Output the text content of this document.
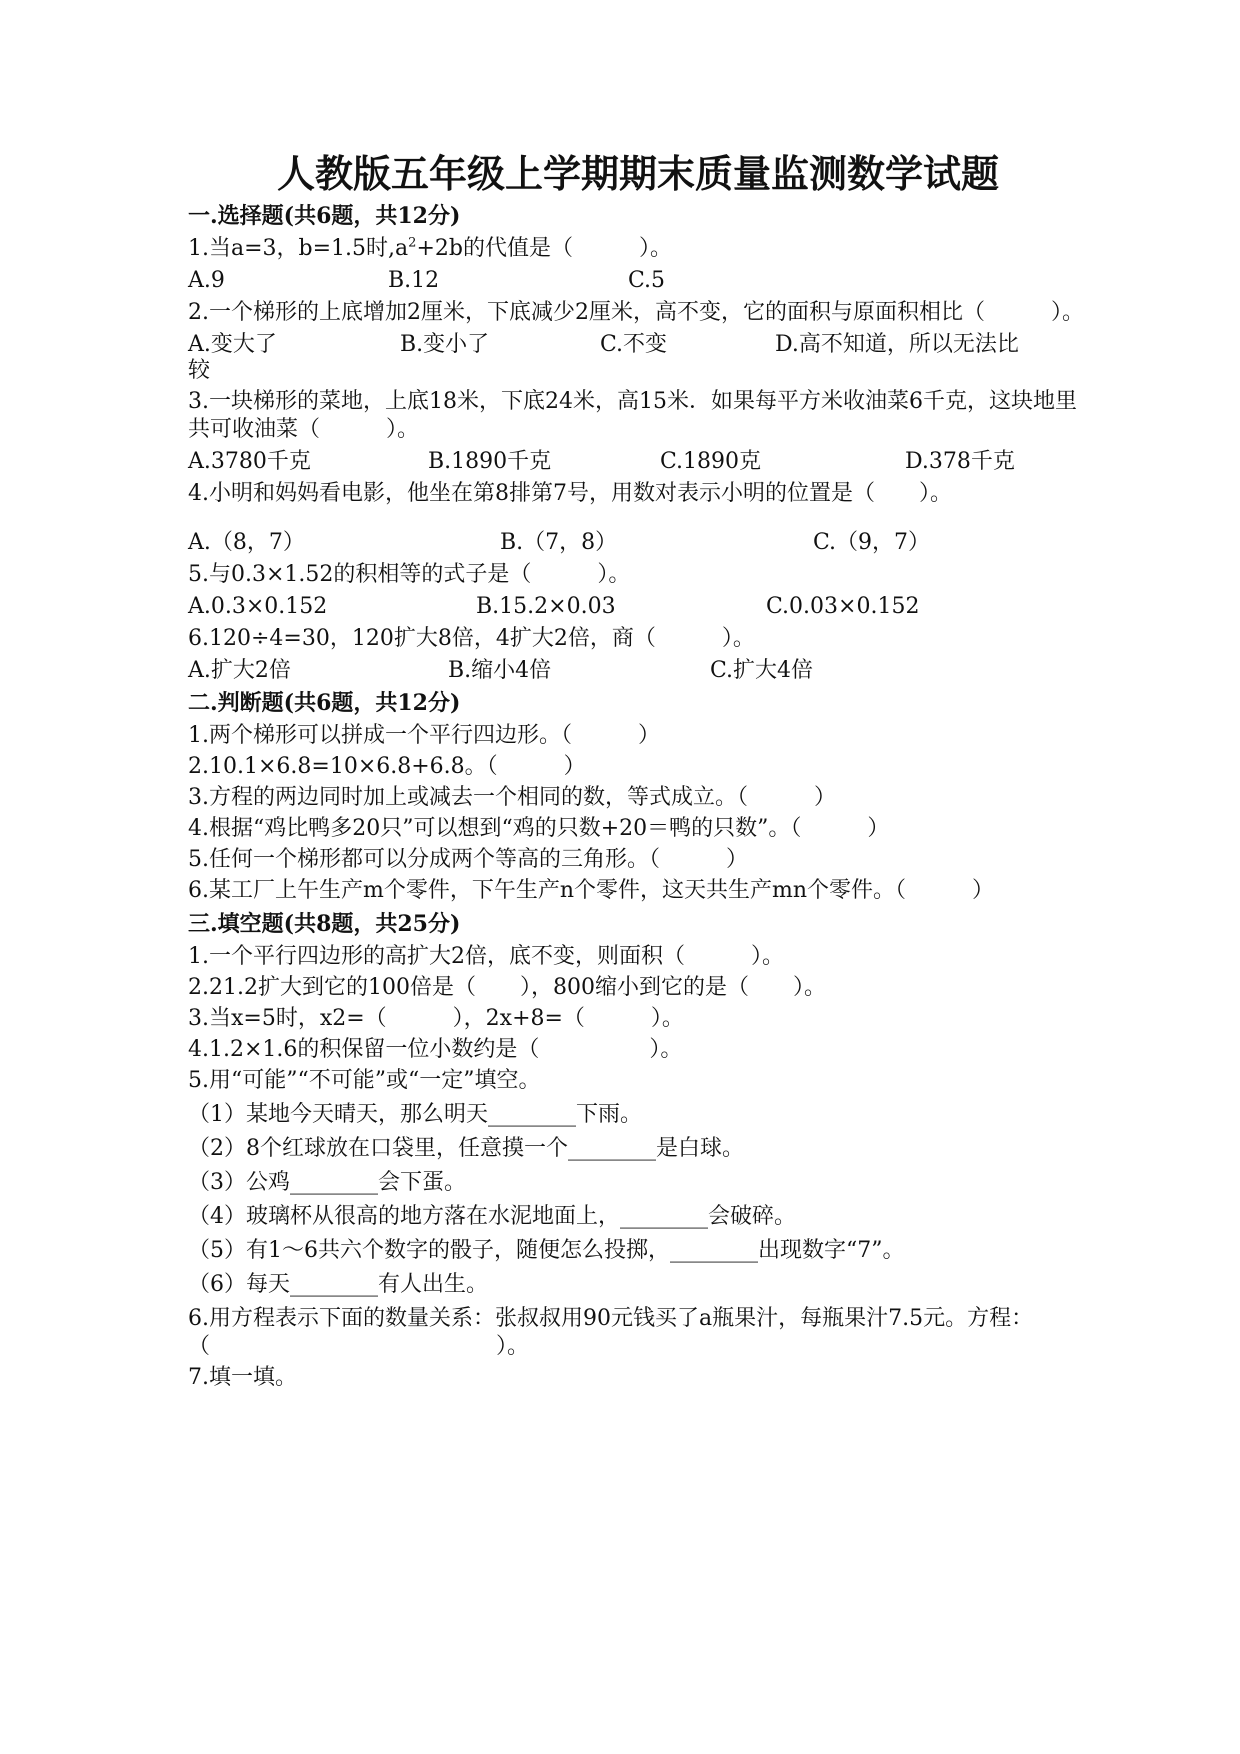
人教版五年级上学期期末质量监测数学试题
一.选择题(共6题，共12分)
1.当a=3，b=1.5时$,a^2+2b$的代值是（　　　）。
A.9	B.12	C.5
2.一个梯形的上底增加2厘米，下底减少2厘米，高不变，它的面积与原面积相比（　　　）。
A.变大了	B.变小了	C.不变	D.高不知道，所以无法比
较
3.一块梯形的菜地，上底18米，下底24米，高15米．如果每平方米收油菜6千克，这块地里共可收油菜（　　　）。
A.3780千克	B.1890千克	C.1890克	D.378千克
4.小明和妈妈看电影，他坐在第8排第7号，用数对表示小明的位置是（　　）。
A.（8，7）	B.（7，8）	C.（9，7）
5.与0.3×1.52的积相等的式子是（　　　）。
A.0.3×0.152	B.15.2×0.03	C.0.03×0.152
6.120÷4=30，120扩大8倍，4扩大2倍，商（　　　）。
A.扩大2倍	B.缩小4倍	C.扩大4倍
二.判断题(共6题，共12分)
1.两个梯形可以拼成一个平行四边形。（　　　）
2.10.1×6.8=10×6.8+6.8。（　　　）
3.方程的两边同时加上或减去一个相同的数，等式成立。（　　　）
4.根据“鸡比鸭多20只”可以想到“鸡的只数+20＝鸭的只数”。（　　　）
5.任何一个梯形都可以分成两个等高的三角形。（　　　）
6.某工厂上午生产m个零件，下午生产n个零件，这天共生产mn个零件。（　　　）
三.填空题(共8题，共25分)
1.一个平行四边形的高扩大2倍，底不变，则面积（　　　）。
2.21.2扩大到它的100倍是（　　），800缩小到它的是（　　）。
3.当x=5时，x2=（　　　），2x+8=（　　　）。
4.1.2×1.6的积保留一位小数约是（　　　　　）。
5.用“可能”“不可能”或“一定”填空。
（1）某地今天晴天，那么明天________下雨。
（2）8个红球放在口袋里，任意摸一个________是白球。
（3）公鸡________会下蛋。
（4）玻璃杯从很高的地方落在水泥地面上，________会破碎。
（5）有1～6共六个数字的骰子，随便怎么投掷，________出现数字“7”。
（6）每天________有人出生。
6.用方程表示下面的数量关系：张叔叔用90元钱买了a瓶果汁，每瓶果汁7.5元。方程：（　　　　　　　　　　　　　）。
7.填一填。
